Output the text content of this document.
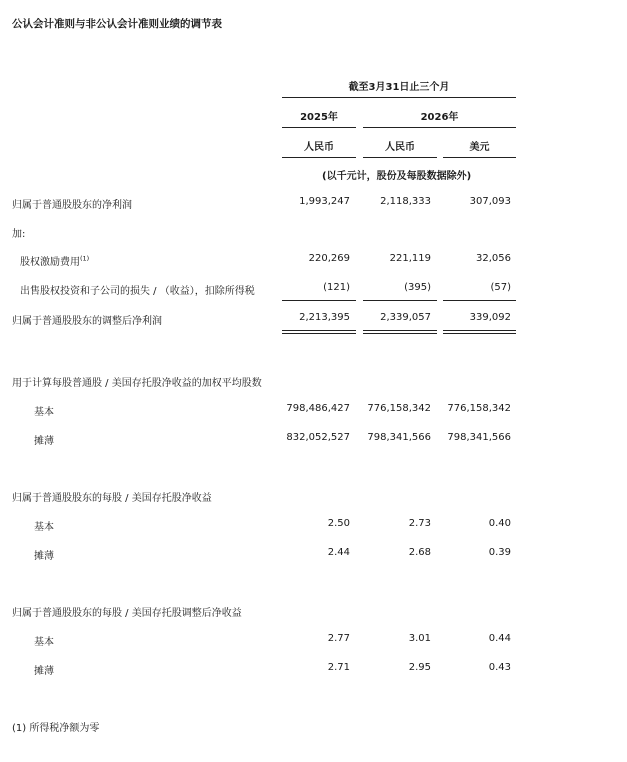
公认会计准则与非公认会计准则业绩的调节表
截至3月31日止三个月
2025年	2026年
人民币	人民币	美元
(以千元计，股份及每股数据除外)
归属于普通股股东的净利润	1,993,247	2,118,333	307,093
加:
股权激励费用$^{(1)}$	220,269	221,119	32,056
出售股权投资和子公司的损失 / （收益），扣除所得税	(121)	(395)	(57)
归属于普通股股东的调整后净利润	2,213,395	2,339,057	339,092
用于计算每股普通股 / 美国存托股净收益的加权平均股数
基本	798,486,427	776,158,342	776,158,342
摊薄	832,052,527	798,341,566	798,341,566
归属于普通股股东的每股 / 美国存托股净收益
基本	2.50	2.73	0.40
摊薄	2.44	2.68	0.39
归属于普通股股东的每股 / 美国存托股调整后净收益
基本	2.77	3.01	0.44
摊薄	2.71	2.95	0.43
(1) 所得税净额为零
